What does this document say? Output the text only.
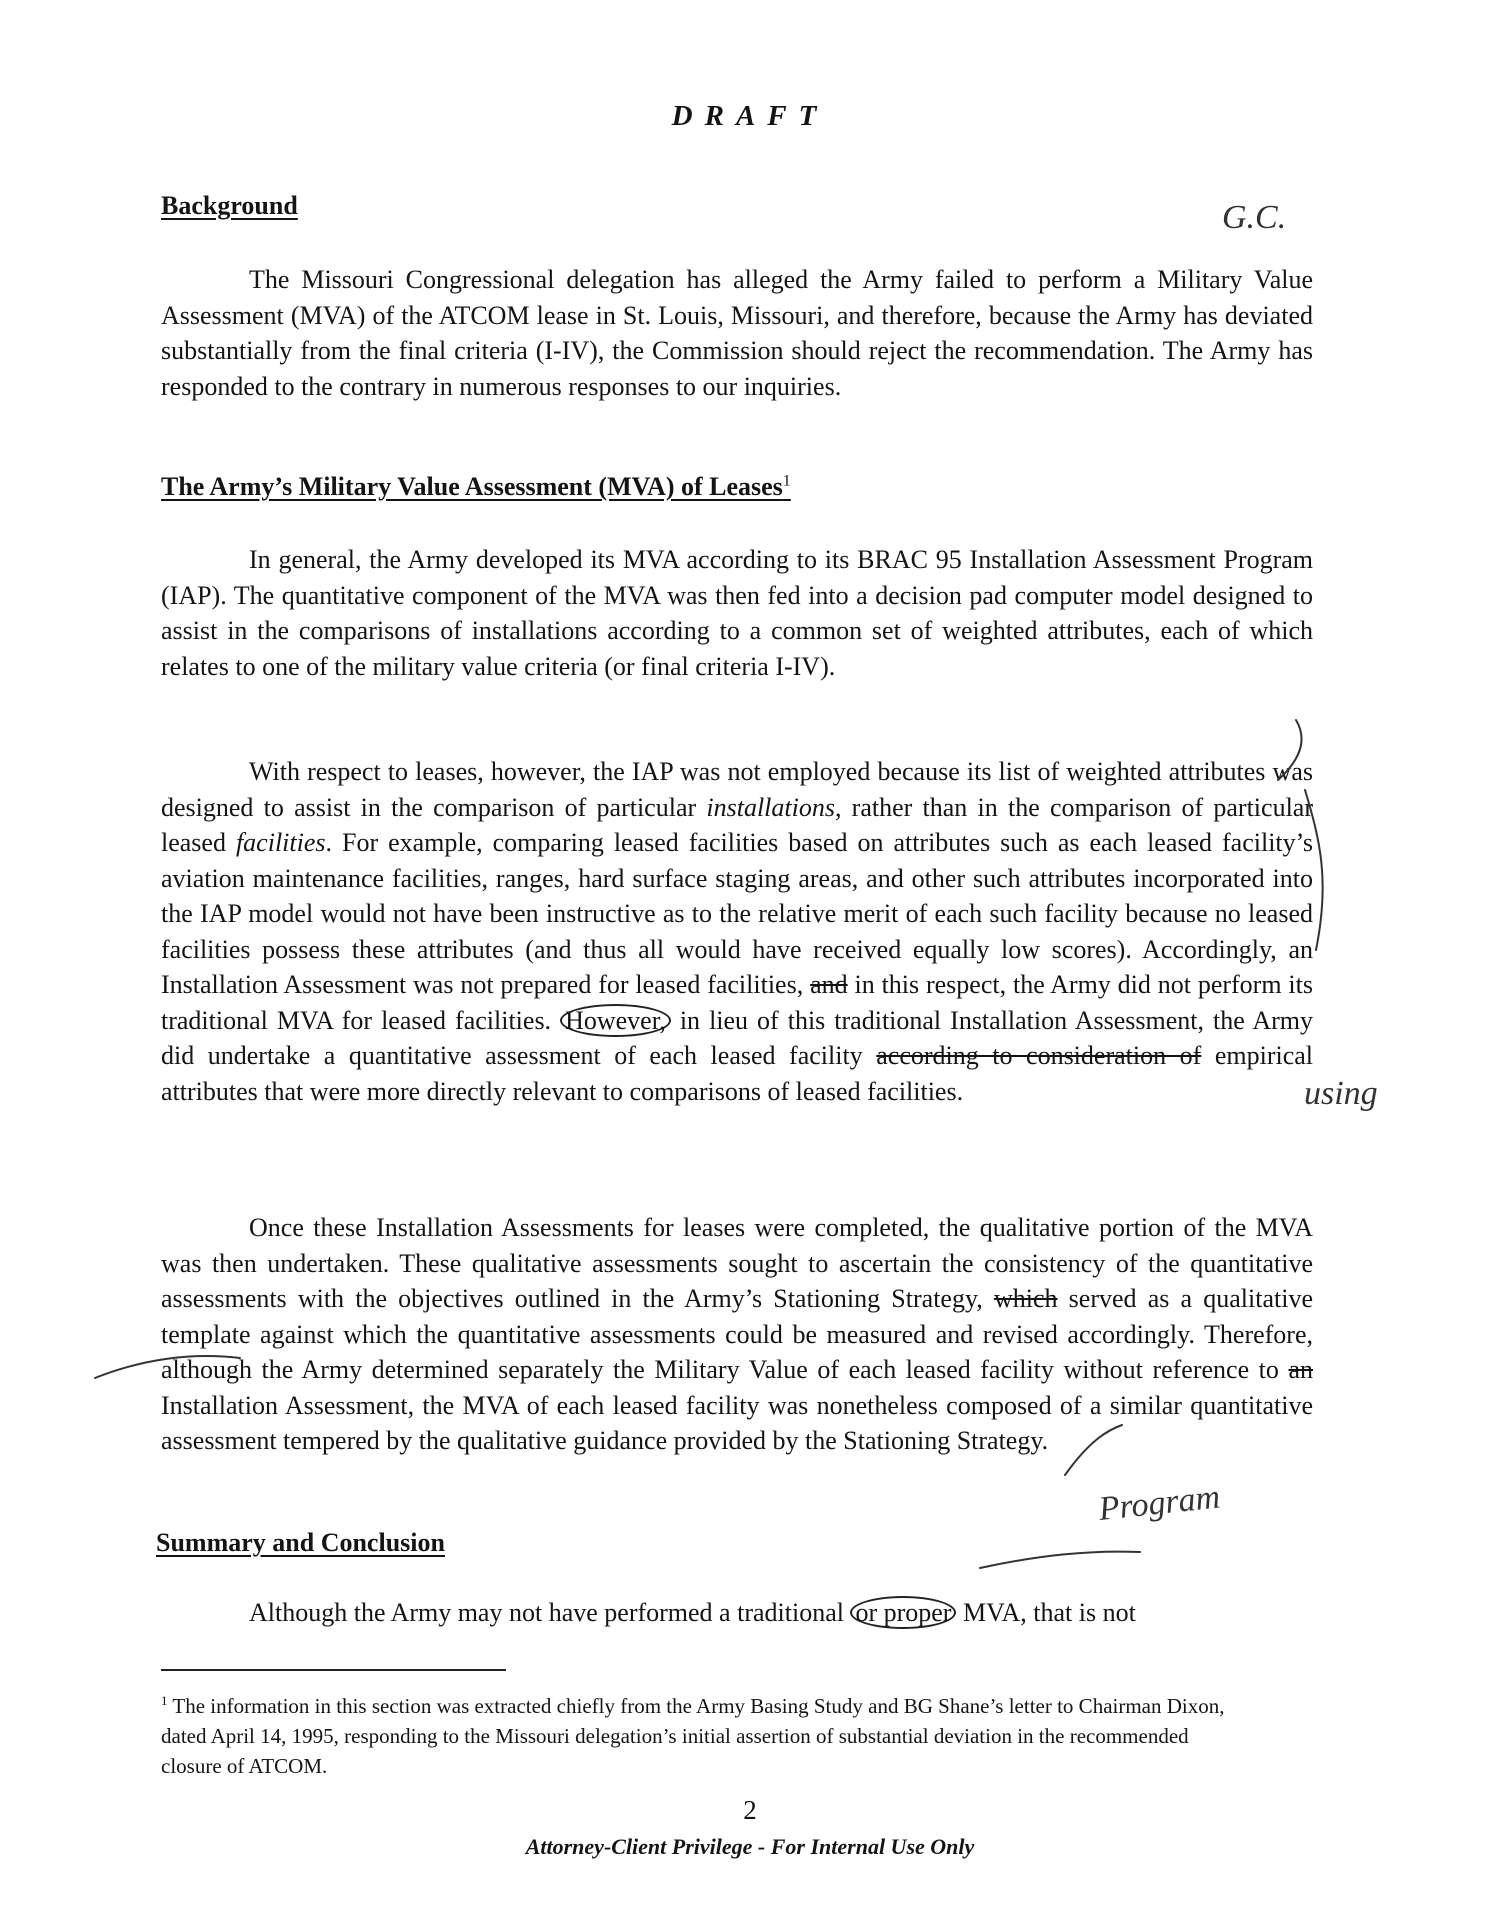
DRAFT
Background

The Missouri Congressional delegation has alleged the Army failed to perform a Military Value Assessment (MVA) of the ATCOM lease in St. Louis, Missouri, and therefore, because the Army has deviated substantially from the final criteria (I-IV), the Commission should reject the recommendation. The Army has responded to the contrary in numerous responses to our inquiries.

The Army’s Military Value Assessment (MVA) of Leases$^1$

In general, the Army developed its MVA according to its BRAC 95 Installation Assessment Program (IAP). The quantitative component of the MVA was then fed into a decision pad computer model designed to assist in the comparisons of installations according to a common set of weighted attributes, each of which relates to one of the military value criteria (or final criteria I-IV).

With respect to leases, however, the IAP was not employed because its list of weighted attributes was designed to assist in the comparison of particular installations, rather than in the comparison of particular leased facilities. For example, comparing leased facilities based on attributes such as each leased facility’s aviation maintenance facilities, ranges, hard surface staging areas, and other such attributes incorporated into the IAP model would not have been instructive as to the relative merit of each such facility because no leased facilities possess these attributes (and thus all would have received equally low scores). Accordingly, an Installation Assessment was not prepared for leased facilities, and in this respect, the Army did not perform its traditional MVA for leased facilities. However, in lieu of this traditional Installation Assessment, the Army did undertake a quantitative assessment of each leased facility according to consideration of empirical attributes that were more directly relevant to comparisons of leased facilities.

Once these Installation Assessments for leases were completed, the qualitative portion of the MVA was then undertaken. These qualitative assessments sought to ascertain the consistency of the quantitative assessments with the objectives outlined in the Army’s Stationing Strategy, which served as a qualitative template against which the quantitative assessments could be measured and revised accordingly. Therefore, although the Army determined separately the Military Value of each leased facility without reference to an Installation Assessment, the MVA of each leased facility was nonetheless composed of a similar quantitative assessment tempered by the qualitative guidance provided by the Stationing Strategy.

Summary and Conclusion

Although the Army may not have performed a traditional or proper MVA, that is not

$^1$ The information in this section was extracted chiefly from the Army Basing Study and BG Shane’s letter to Chairman Dixon, dated April 14, 1995, responding to the Missouri delegation’s initial assertion of substantial deviation in the recommended closure of ATCOM.

2
Attorney-Client Privilege - For Internal Use Only
G.C.
using
Program
